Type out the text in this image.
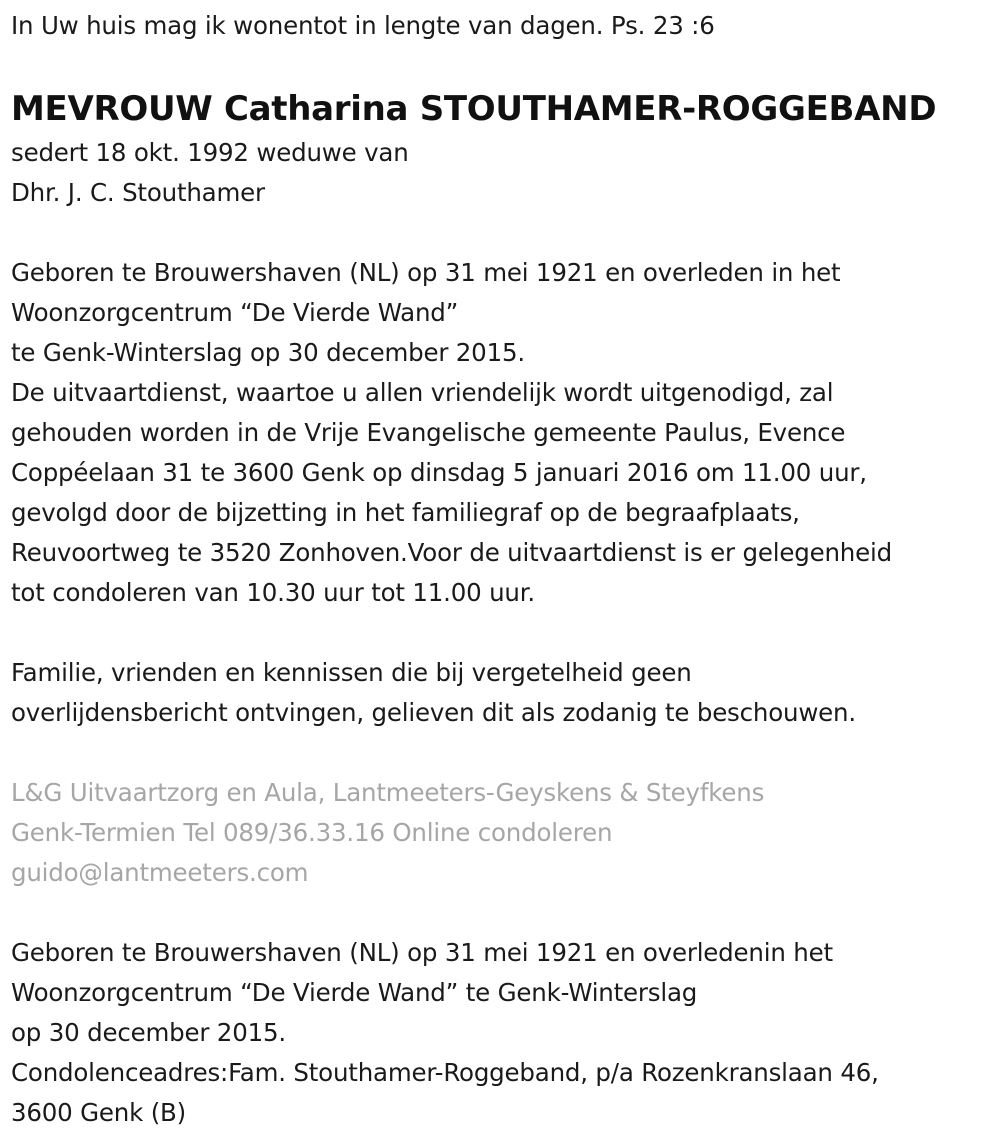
In Uw huis mag ik wonentot in lengte van dagen. Ps. 23 :6
MEVROUW Catharina STOUTHAMER-ROGGEBAND
sedert 18 okt. 1992 weduwe van
Dhr. J. C. Stouthamer
Geboren te Brouwershaven (NL) op 31 mei 1921 en overleden in het
Woonzorgcentrum “De Vierde Wand”
te Genk-Winterslag op 30 december 2015.
De uitvaartdienst, waartoe u allen vriendelijk wordt uitgenodigd, zal
gehouden worden in de Vrije Evangelische gemeente Paulus, Evence
Coppéelaan 31 te 3600 Genk op dinsdag 5 januari 2016 om 11.00 uur,
gevolgd door de bijzetting in het familiegraf op de begraafplaats,
Reuvoortweg te 3520 Zonhoven.Voor de uitvaartdienst is er gelegenheid
tot condoleren van 10.30 uur tot 11.00 uur.
Familie, vrienden en kennissen die bij vergetelheid geen
overlijdensbericht ontvingen, gelieven dit als zodanig te beschouwen.
L&G Uitvaartzorg en Aula, Lantmeeters-Geyskens & Steyfkens
Genk-Termien Tel 089/36.33.16 Online condoleren
guido@lantmeeters.com
Geboren te Brouwershaven (NL) op 31 mei 1921 en overledenin het
Woonzorgcentrum “De Vierde Wand” te Genk-Winterslag
op 30 december 2015.
Condolenceadres:Fam. Stouthamer-Roggeband, p/a Rozenkranslaan 46,
3600 Genk (B)
